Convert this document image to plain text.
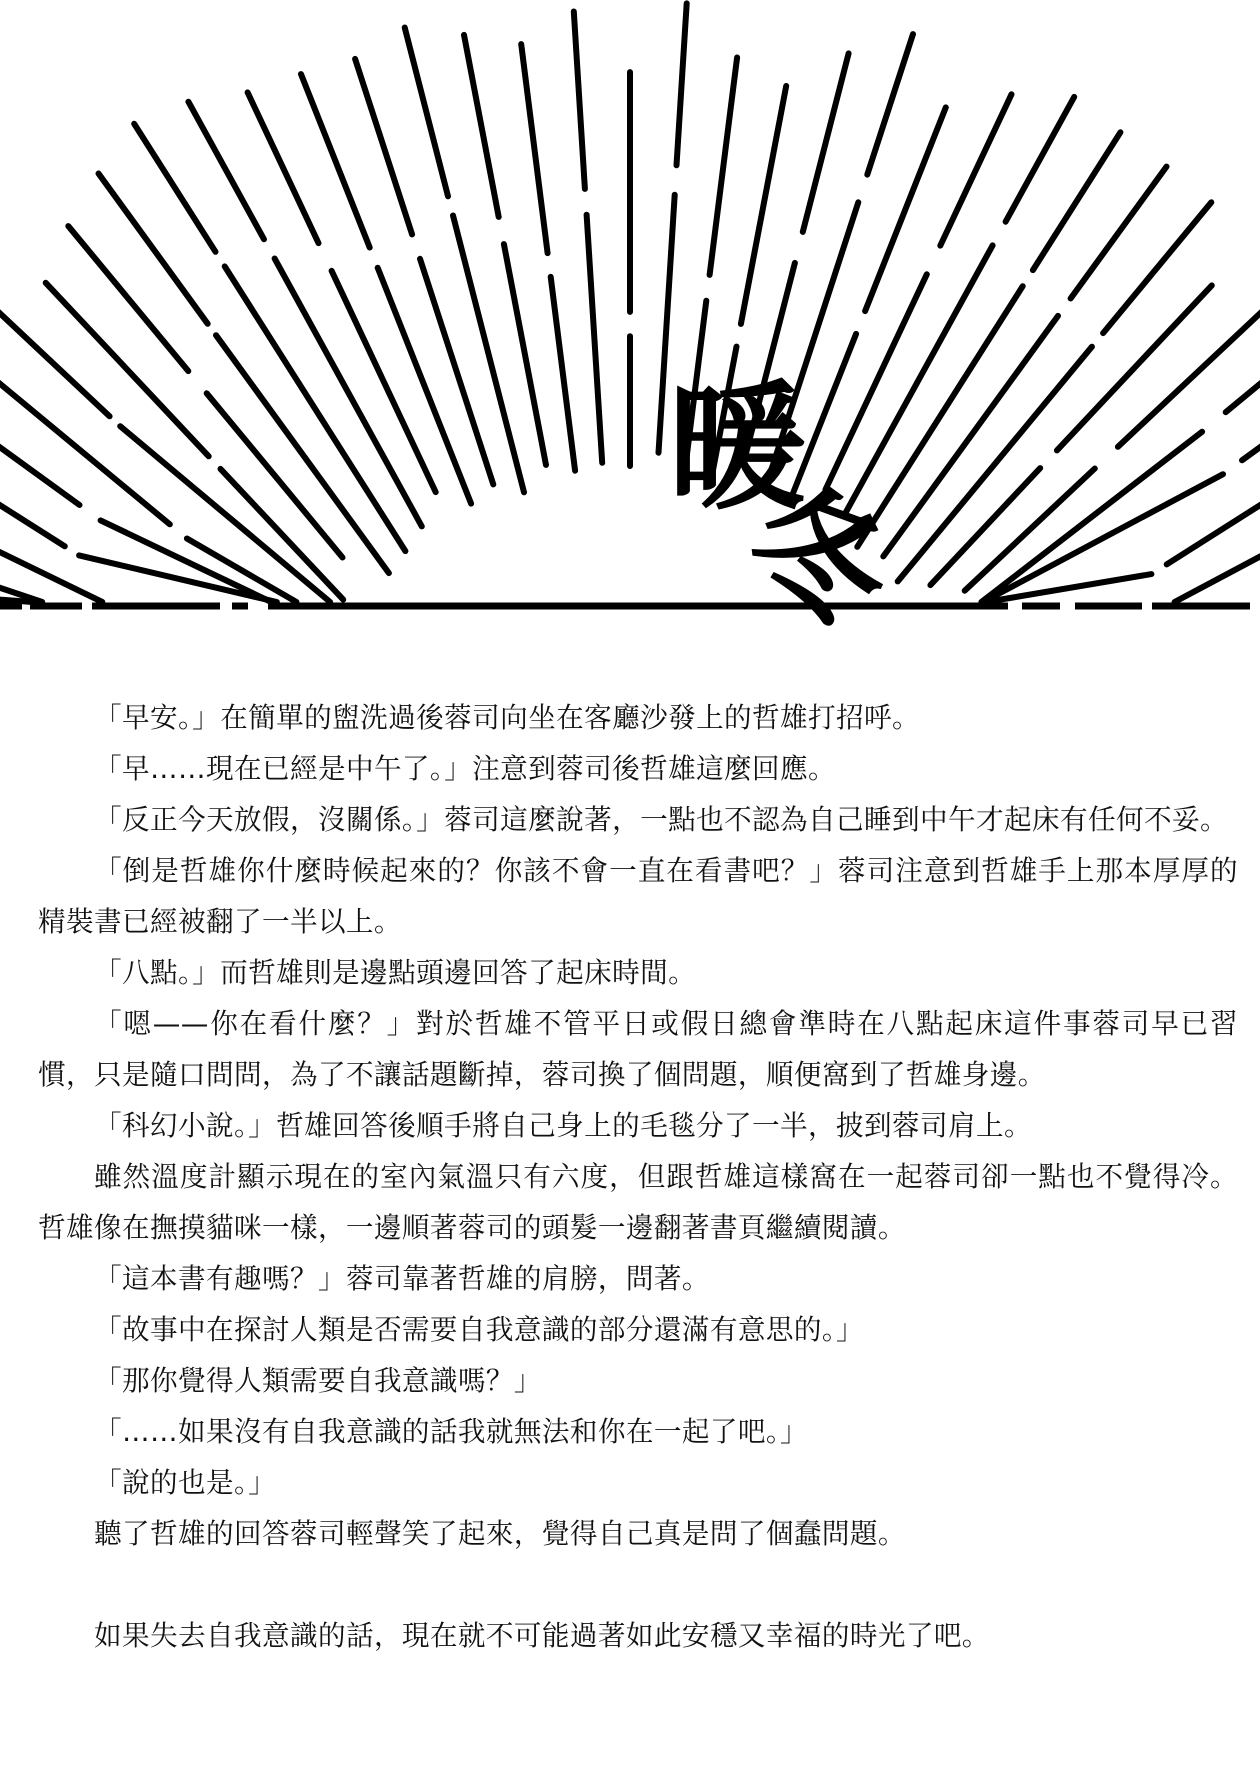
暖
冬

「早安。」在簡單的盥洗過後蓉司向坐在客廳沙發上的哲雄打招呼。

「早……現在已經是中午了。」注意到蓉司後哲雄這麼回應。

「反正今天放假，沒關係。」蓉司這麼說著，一點也不認為自己睡到中午才起床有任何不妥。

「倒是哲雄你什麼時候起來的？你該不會一直在看書吧？」蓉司注意到哲雄手上那本厚厚的精裝書已經被翻了一半以上。

「八點。」而哲雄則是邊點頭邊回答了起床時間。

「嗯——你在看什麼？」對於哲雄不管平日或假日總會準時在八點起床這件事蓉司早已習慣，只是隨口問問，為了不讓話題斷掉，蓉司換了個問題，順便窩到了哲雄身邊。

「科幻小說。」哲雄回答後順手將自己身上的毛毯分了一半，披到蓉司肩上。

雖然溫度計顯示現在的室內氣溫只有六度，但跟哲雄這樣窩在一起蓉司卻一點也不覺得冷。哲雄像在撫摸貓咪一樣，一邊順著蓉司的頭髮一邊翻著書頁繼續閱讀。

「這本書有趣嗎？」蓉司靠著哲雄的肩膀，問著。

「故事中在探討人類是否需要自我意識的部分還滿有意思的。」

「那你覺得人類需要自我意識嗎？」

「……如果沒有自我意識的話我就無法和你在一起了吧。」

「說的也是。」

聽了哲雄的回答蓉司輕聲笑了起來，覺得自己真是問了個蠢問題。

如果失去自我意識的話，現在就不可能過著如此安穩又幸福的時光了吧。
